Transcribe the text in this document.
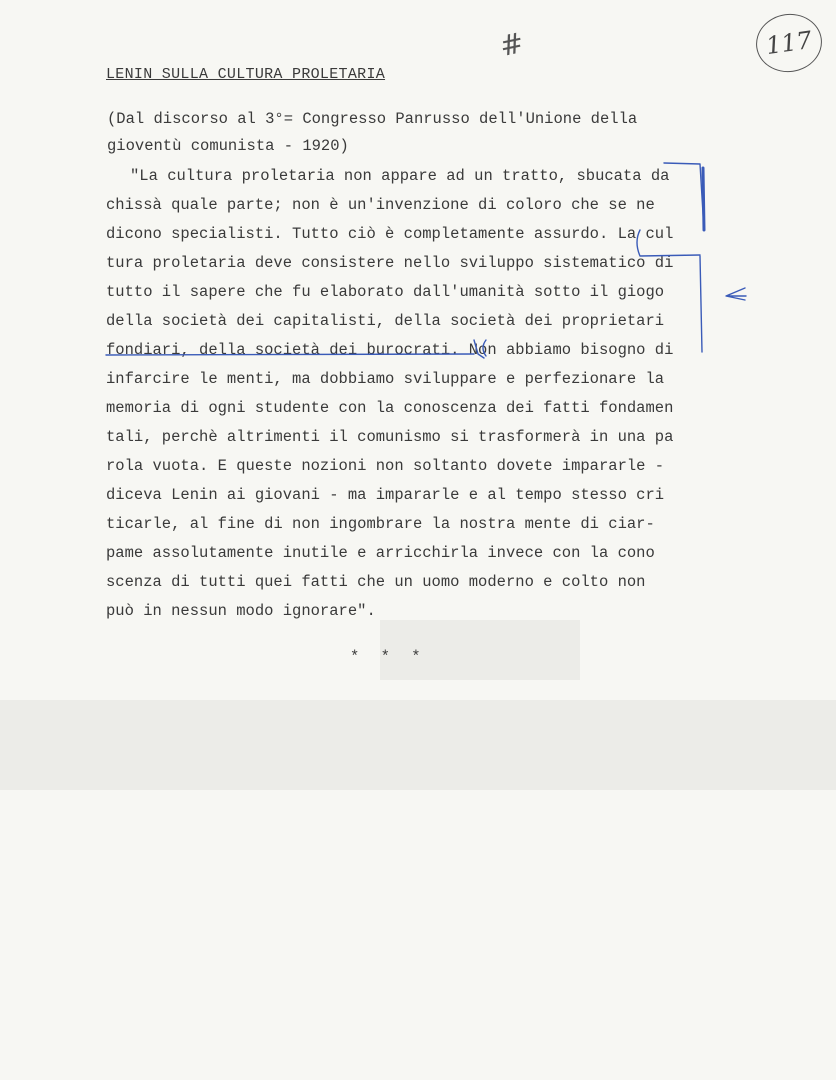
117
#
LENIN SULLA CULTURA PROLETARIA
(Dal discorso al 3°= Congresso Panrusso dell'Unione della
gioventù comunista - 1920)
"La cultura proletaria non appare ad un tratto, sbucata da
chissà quale parte; non è un'invenzione di coloro che se ne
dicono specialisti. Tutto ciò è completamente assurdo. La cul
tura proletaria deve consistere nello sviluppo sistematico di
tutto il sapere che fu elaborato dall'umanità sotto il giogo
della società dei capitalisti, della società dei proprietari
fondiari, della società dei burocrati. Non abbiamo bisogno di
infarcire le menti, ma dobbiamo sviluppare e perfezionare la
memoria di ogni studente con la conoscenza dei fatti fondamen
tali, perchè altrimenti il comunismo si trasformerà in una pa
rola vuota. E queste nozioni non soltanto dovete impararle -
diceva Lenin ai giovani - ma impararle e al tempo stesso cri
ticarle, al fine di non ingombrare la nostra mente di ciar-
pame assolutamente inutile e arricchirla invece con la cono
scenza di tutti quei fatti che un uomo moderno e colto non
può in nessun modo ignorare".
* * *
